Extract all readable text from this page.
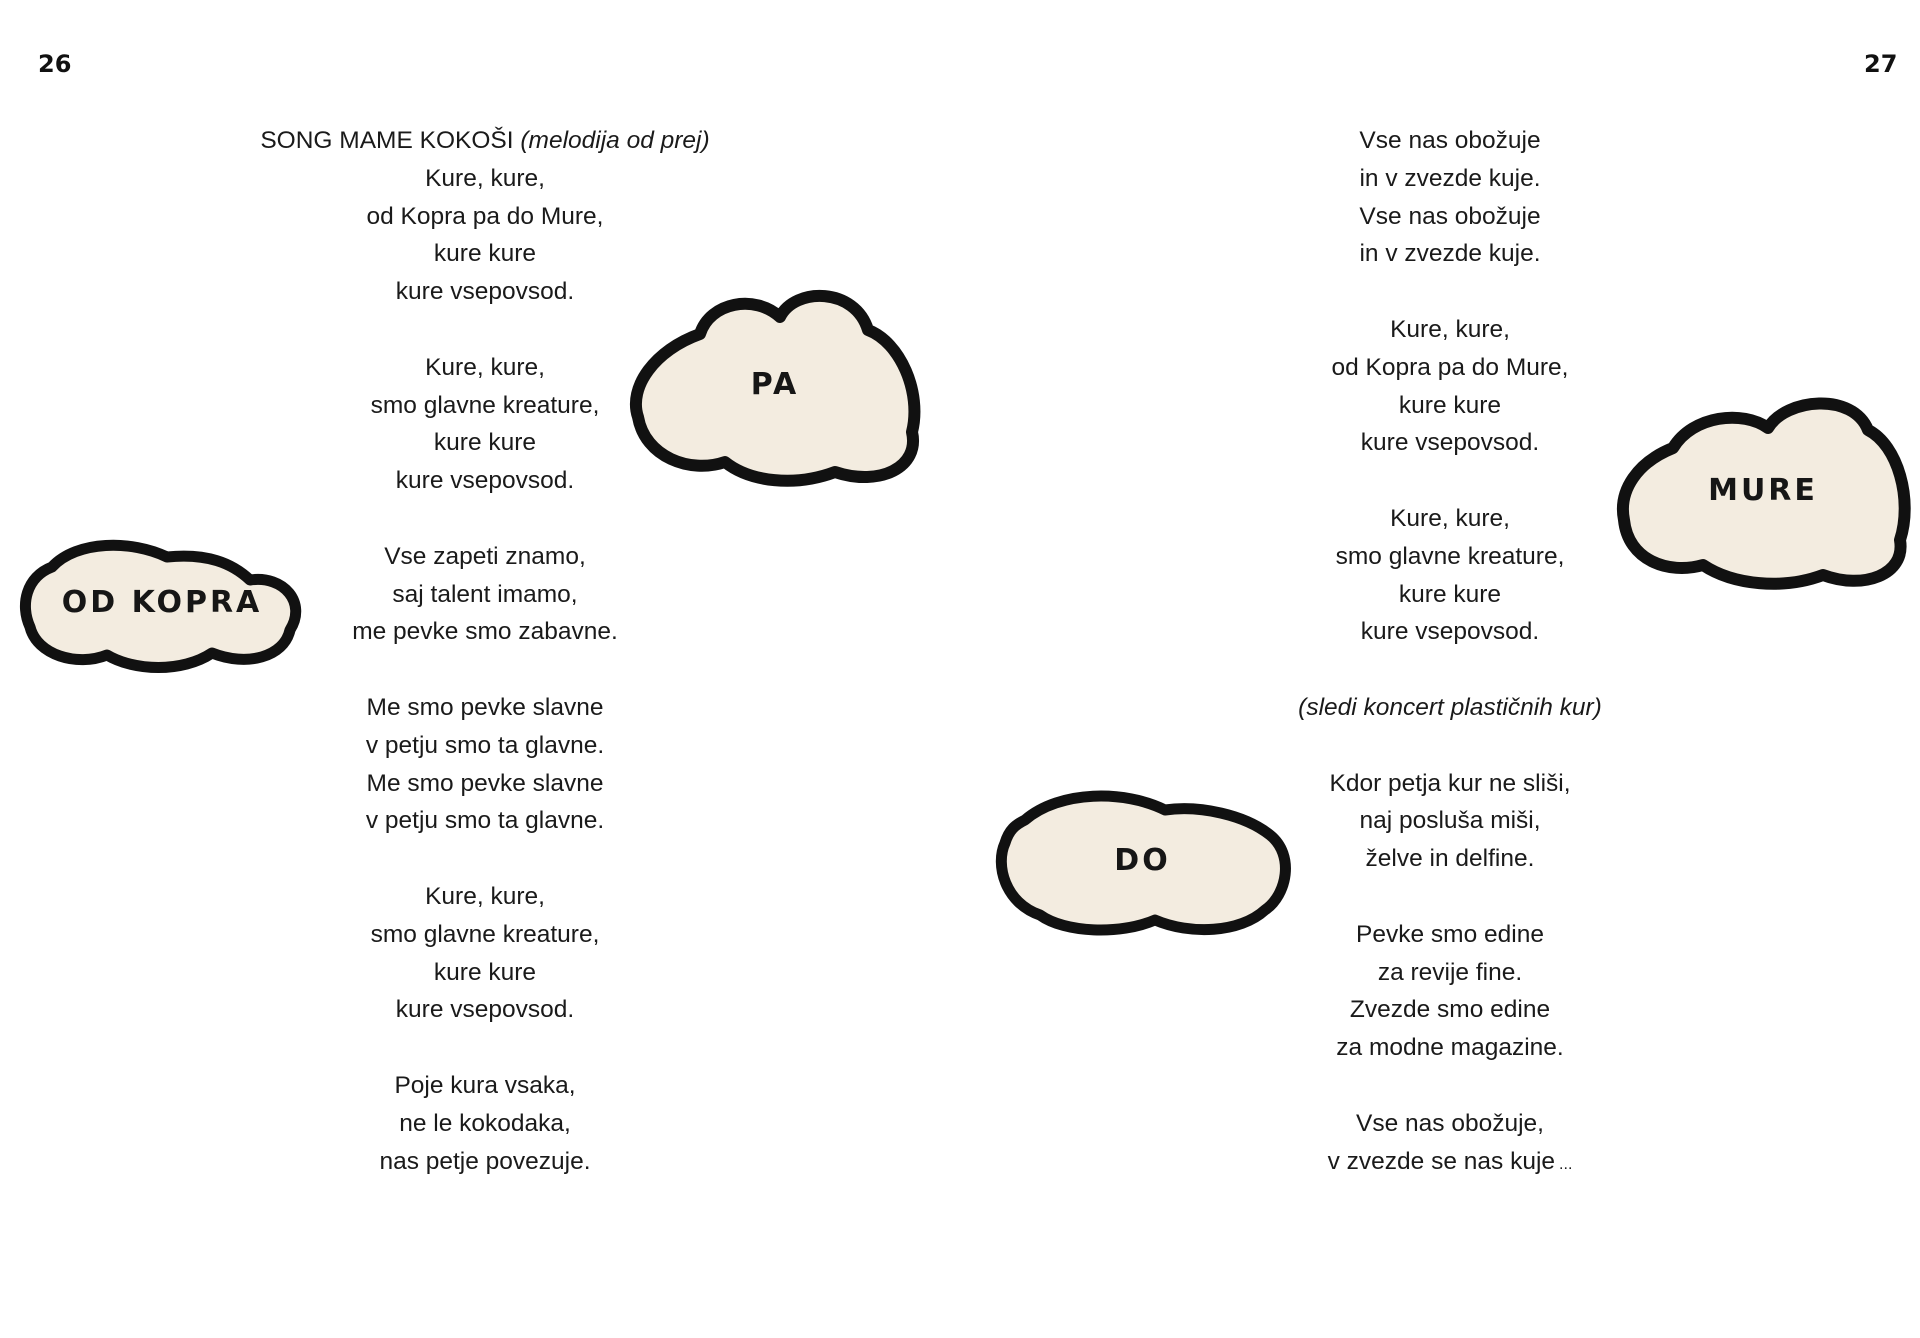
26	27
SONG MAME KOKOŠI (melodija od prej)
Kure, kure,
od Kopra pa do Mure,
kure kure
kure vsepovsod.
Kure, kure,
smo glavne kreature,
kure kure
kure vsepovsod.
Vse zapeti znamo,
saj talent imamo,
me pevke smo zabavne.
Me smo pevke slavne
v petju smo ta glavne.
Me smo pevke slavne
v petju smo ta glavne.
Kure, kure,
smo glavne kreature,
kure kure
kure vsepovsod.
Poje kura vsaka,
ne le kokodaka,
nas petje povezuje.
Vse nas obožuje
in v zvezde kuje.
Vse nas obožuje
in v zvezde kuje.
Kure, kure,
od Kopra pa do Mure,
kure kure
kure vsepovsod.
Kure, kure,
smo glavne kreature,
kure kure
kure vsepovsod.
(sledi koncert plastičnih kur)
Kdor petja kur ne sliši,
naj posluša miši,
želve in delfine.
Pevke smo edine
za revije fine.
Zvezde smo edine
za modne magazine.
Vse nas obožuje,
v zvezde se nas kuje ...
OD KOPRA
PA
DO
MURE
